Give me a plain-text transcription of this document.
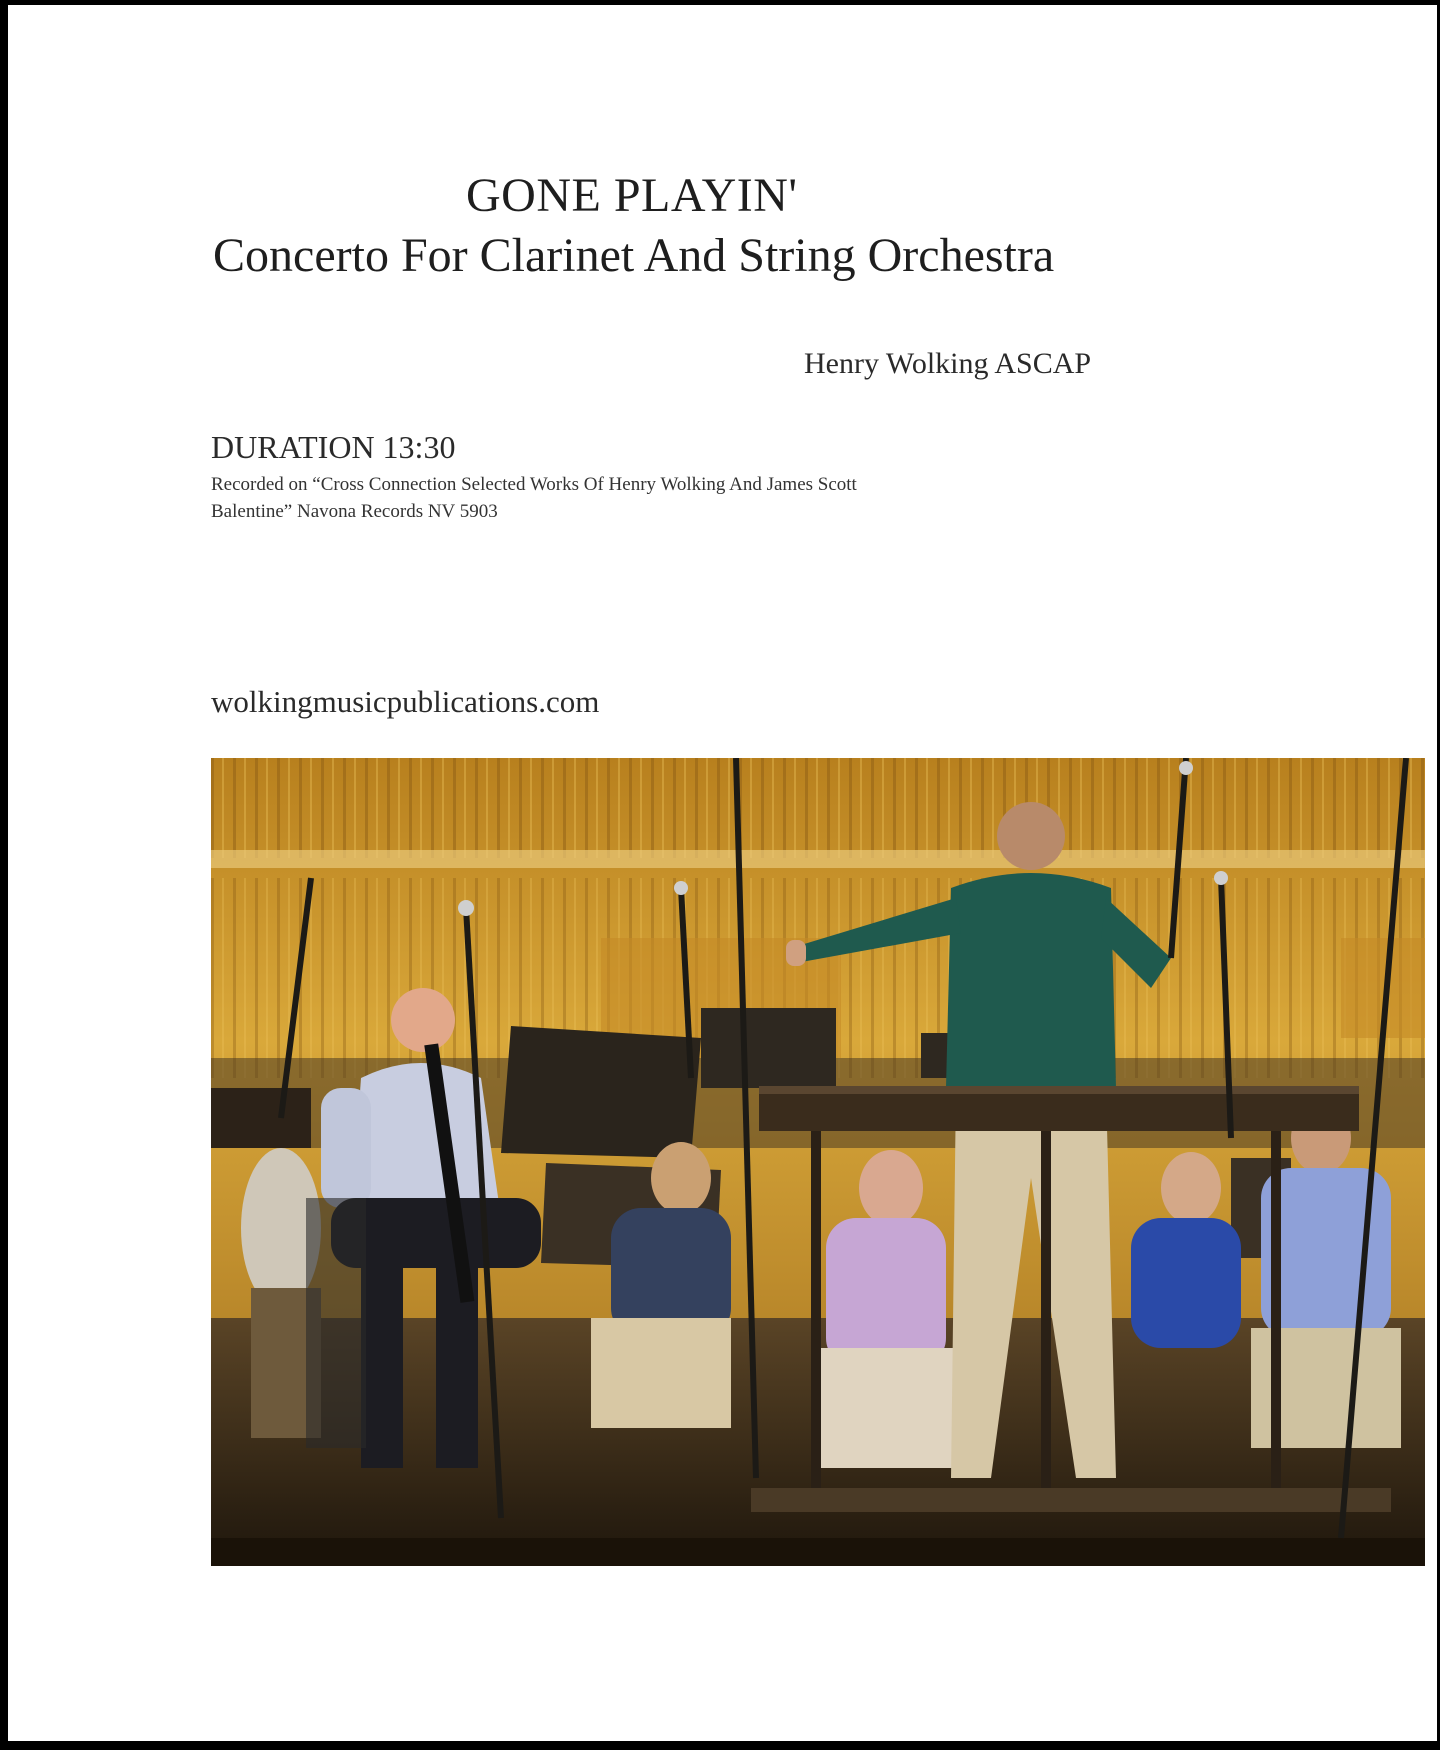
GONE PLAYIN'
Concerto For Clarinet And String Orchestra
Henry Wolking ASCAP
DURATION 13:30
Recorded on “Cross Connection Selected Works Of Henry Wolking And James Scott
Balentine” Navona Records NV 5903
wolkingmusicpublications.com
